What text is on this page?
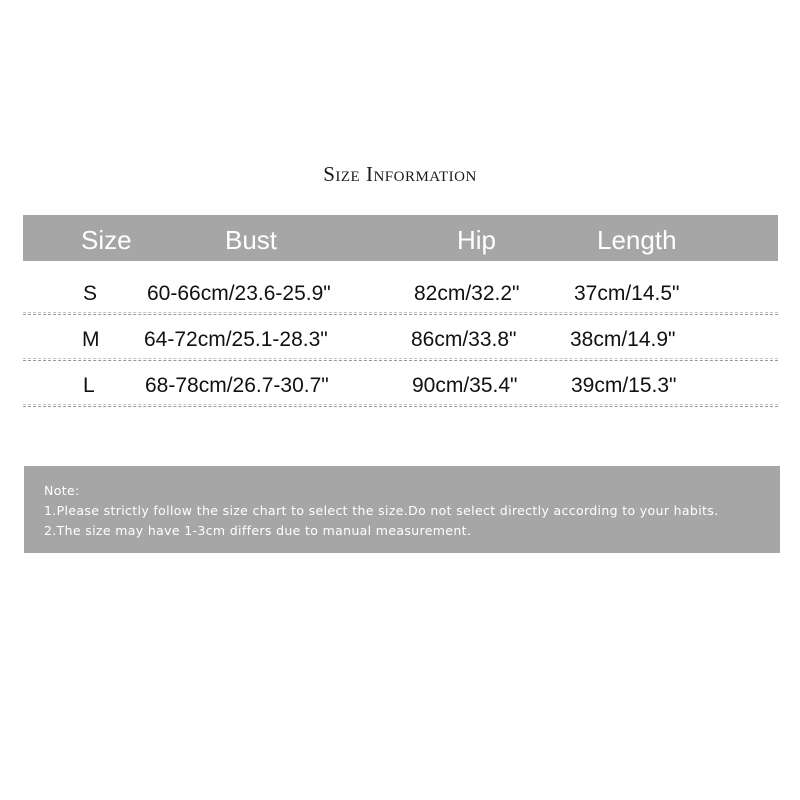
Size Information
Size	Bust	Hip	Length
S 60-66cm/23.6-25.9"	82cm/32.2"	37cm/14.5"
M 64-72cm/25.1-28.3"	86cm/33.8"	38cm/14.9"
L 68-78cm/26.7-30.7"	90cm/35.4"	39cm/15.3"
Note:
1.Please strictly follow the size chart to select the size.Do not select directly according to your habits.
2.The size may have 1-3cm differs due to manual measurement.
